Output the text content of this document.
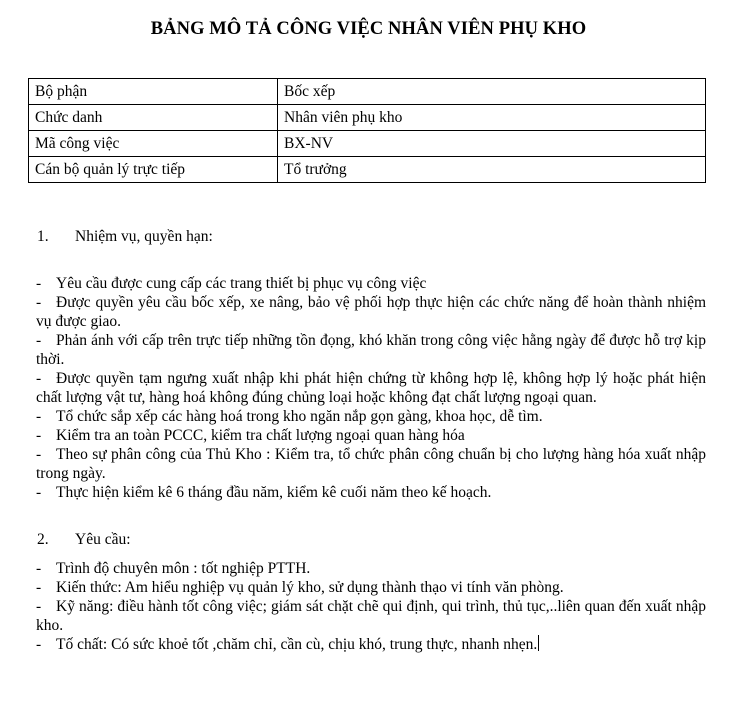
BẢNG MÔ TẢ CÔNG VIỆC NHÂN VIÊN PHỤ KHO
Bộ phận	Bốc xếp
Chức danh	Nhân viên phụ kho
Mã công việc	BX-NV
Cán bộ quản lý trực tiếp	Tổ trưởng
1. Nhiệm vụ, quyền hạn:
- Yêu cầu được cung cấp các trang thiết bị phục vụ công việc
- Được quyền yêu cầu bốc xếp, xe nâng, bảo vệ phối hợp thực hiện các chức năng để hoàn thành nhiệm vụ được giao.
- Phản ánh với cấp trên trực tiếp những tồn đọng, khó khăn trong công việc hằng ngày để được hỗ trợ kịp thời.
- Được quyền tạm ngưng xuất nhập khi phát hiện chứng từ không hợp lệ, không hợp lý hoặc phát hiện chất lượng vật tư, hàng hoá không đúng chủng loại hoặc không đạt chất lượng ngoại quan.
- Tổ chức sắp xếp các hàng hoá trong kho ngăn nắp gọn gàng, khoa học, dễ tìm.
- Kiểm tra an toàn PCCC, kiểm tra chất lượng ngoại quan hàng hóa
- Theo sự phân công của Thủ Kho : Kiểm tra, tổ chức phân công chuẩn bị cho lượng hàng hóa xuất nhập trong ngày.
- Thực hiện kiểm kê 6 tháng đầu năm, kiểm kê cuối năm theo kế hoạch.
2. Yêu cầu:
- Trình độ chuyên môn : tốt nghiệp PTTH.
- Kiến thức: Am hiểu nghiệp vụ quản lý kho, sử dụng thành thạo vi tính văn phòng.
- Kỹ năng: điều hành tốt công việc; giám sát chặt chẽ qui định, qui trình, thủ tục,..liên quan đến xuất nhập kho.
- Tố chất: Có sức khoẻ tốt ,chăm chỉ, cần cù, chịu khó, trung thực, nhanh nhẹn.
